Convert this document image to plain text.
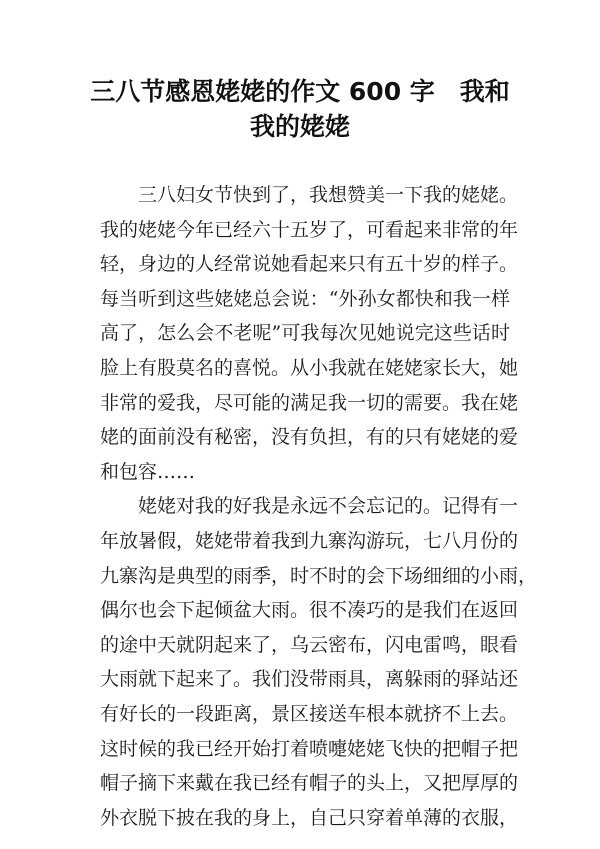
三八节感恩姥姥的作文 600 字　我和
我的姥姥
三八妇女节快到了，我想赞美一下我的姥姥。
我的姥姥今年已经六十五岁了，可看起来非常的年
轻，身边的人经常说她看起来只有五十岁的样子。
每当听到这些姥姥总会说：“外孙女都快和我一样
高了，怎么会不老呢”可我每次见她说完这些话时
脸上有股莫名的喜悦。从小我就在姥姥家长大，她
非常的爱我，尽可能的满足我一切的需要。我在姥
姥的面前没有秘密，没有负担，有的只有姥姥的爱
和包容……
姥姥对我的好我是永远不会忘记的。记得有一
年放暑假，姥姥带着我到九寨沟游玩，七八月份的
九寨沟是典型的雨季，时不时的会下场细细的小雨，
偶尔也会下起倾盆大雨。很不凑巧的是我们在返回
的途中天就阴起来了，乌云密布，闪电雷鸣，眼看
大雨就下起来了。我们没带雨具，离躲雨的驿站还
有好长的一段距离，景区接送车根本就挤不上去。
这时候的我已经开始打着喷嚏姥姥飞快的把帽子把
帽子摘下来戴在我已经有帽子的头上，又把厚厚的
外衣脱下披在我的身上，自己只穿着单薄的衣服，
